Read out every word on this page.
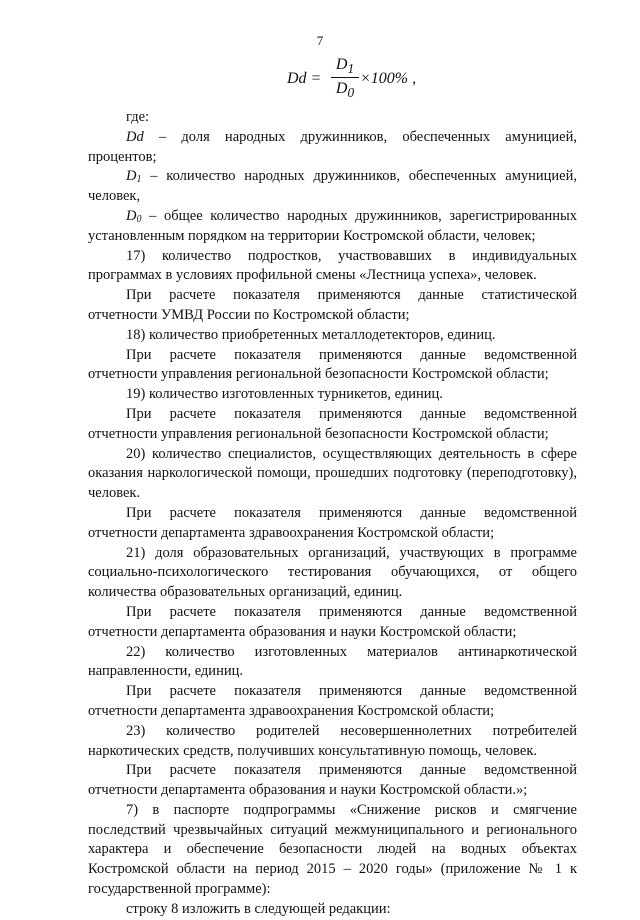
7
Dd =
$D_1$
$D_0$
×100% ,

где:

Dd – доля народных дружинников, обеспеченных амуницией, процентов;

$D_1$ – количество народных дружинников, обеспеченных амуницией, человек,

$D_0$ – общее количество народных дружинников, зарегистрированных установленным порядком на территории Костромской области, человек;

17) количество подростков, участвовавших в индивидуальных программах в условиях профильной смены «Лестница успеха», человек.

При расчете показателя применяются данные статистической отчетности УМВД России по Костромской области;

18) количество приобретенных металлодетекторов, единиц.

При расчете показателя применяются данные ведомственной отчетности управления региональной безопасности Костромской области;

19) количество изготовленных турникетов, единиц.

При расчете показателя применяются данные ведомственной отчетности управления региональной безопасности Костромской области;

20) количество специалистов, осуществляющих деятельность в сфере оказания наркологической помощи, прошедших подготовку (переподготовку), человек.

При расчете показателя применяются данные ведомственной отчетности департамента здравоохранения Костромской области;

21) доля образовательных организаций, участвующих в программе социально-психологического тестирования обучающихся, от общего количества образовательных организаций, единиц.

При расчете показателя применяются данные ведомственной отчетности департамента образования и науки Костромской области;

22) количество изготовленных материалов антинаркотической направленности, единиц.

При расчете показателя применяются данные ведомственной отчетности департамента здравоохранения Костромской области;

23) количество родителей несовершеннолетних потребителей наркотических средств, получивших консультативную помощь, человек.

При расчете показателя применяются данные ведомственной отчетности департамента образования и науки Костромской области.»;

7) в паспорте подпрограммы «Снижение рисков и смягчение последствий чрезвычайных ситуаций межмуниципального и регионального характера и обеспечение безопасности людей на водных объектах Костромской области на период 2015 – 2020 годы» (приложение № 1 к государственной программе):

строку 8 изложить в следующей редакции:
